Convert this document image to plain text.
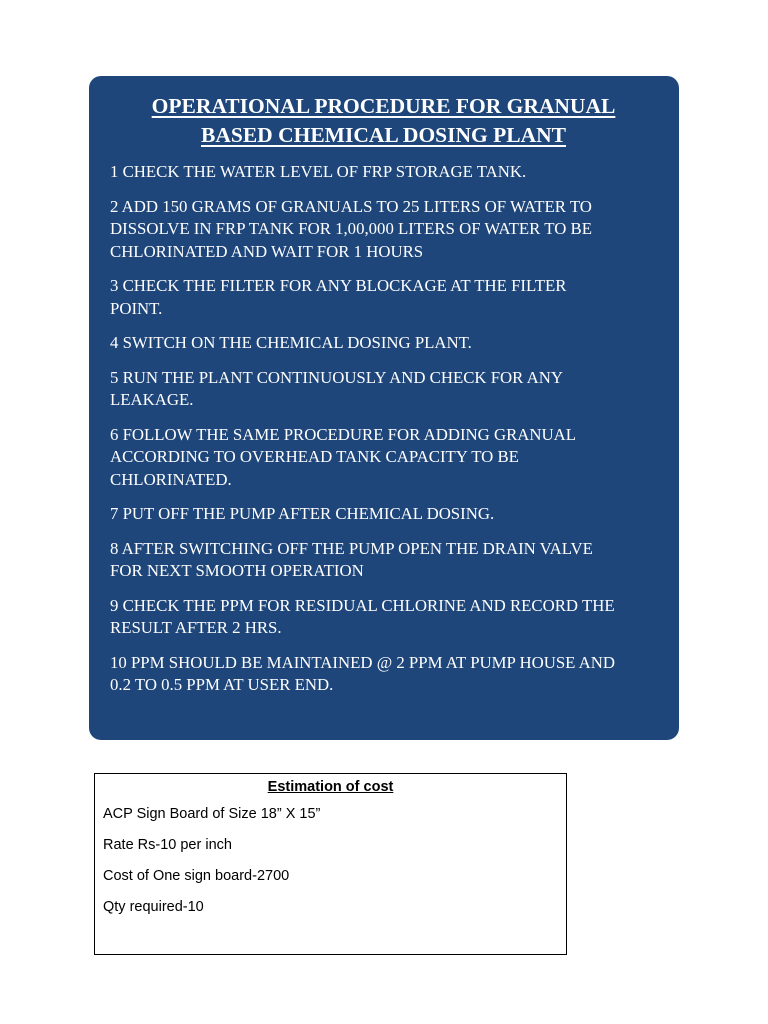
OPERATIONAL PROCEDURE FOR GRANUAL
BASED CHEMICAL DOSING PLANT
1 CHECK THE WATER LEVEL OF FRP STORAGE TANK.
2 ADD 150 GRAMS OF GRANUALS TO 25 LITERS OF WATER TO
DISSOLVE IN FRP TANK FOR 1,00,000 LITERS OF WATER TO BE
CHLORINATED AND WAIT FOR 1 HOURS
3 CHECK THE FILTER FOR ANY BLOCKAGE AT THE FILTER
POINT.
4 SWITCH ON THE CHEMICAL DOSING PLANT.
5 RUN THE PLANT CONTINUOUSLY AND CHECK FOR ANY
LEAKAGE.
6 FOLLOW THE SAME PROCEDURE FOR ADDING GRANUAL
ACCORDING TO OVERHEAD TANK CAPACITY TO BE
CHLORINATED.
7 PUT OFF THE PUMP AFTER CHEMICAL DOSING.
8 AFTER SWITCHING OFF THE PUMP OPEN THE DRAIN VALVE
FOR NEXT SMOOTH OPERATION
9 CHECK THE PPM FOR RESIDUAL CHLORINE AND RECORD THE
RESULT AFTER 2 HRS.
10 PPM SHOULD BE MAINTAINED @ 2 PPM AT PUMP HOUSE AND
0.2 TO 0.5 PPM AT USER END.

Estimation of cost

ACP Sign Board of Size 18” X 15”

Rate Rs-10 per inch

Cost of One sign board-2700

Qty required-10
